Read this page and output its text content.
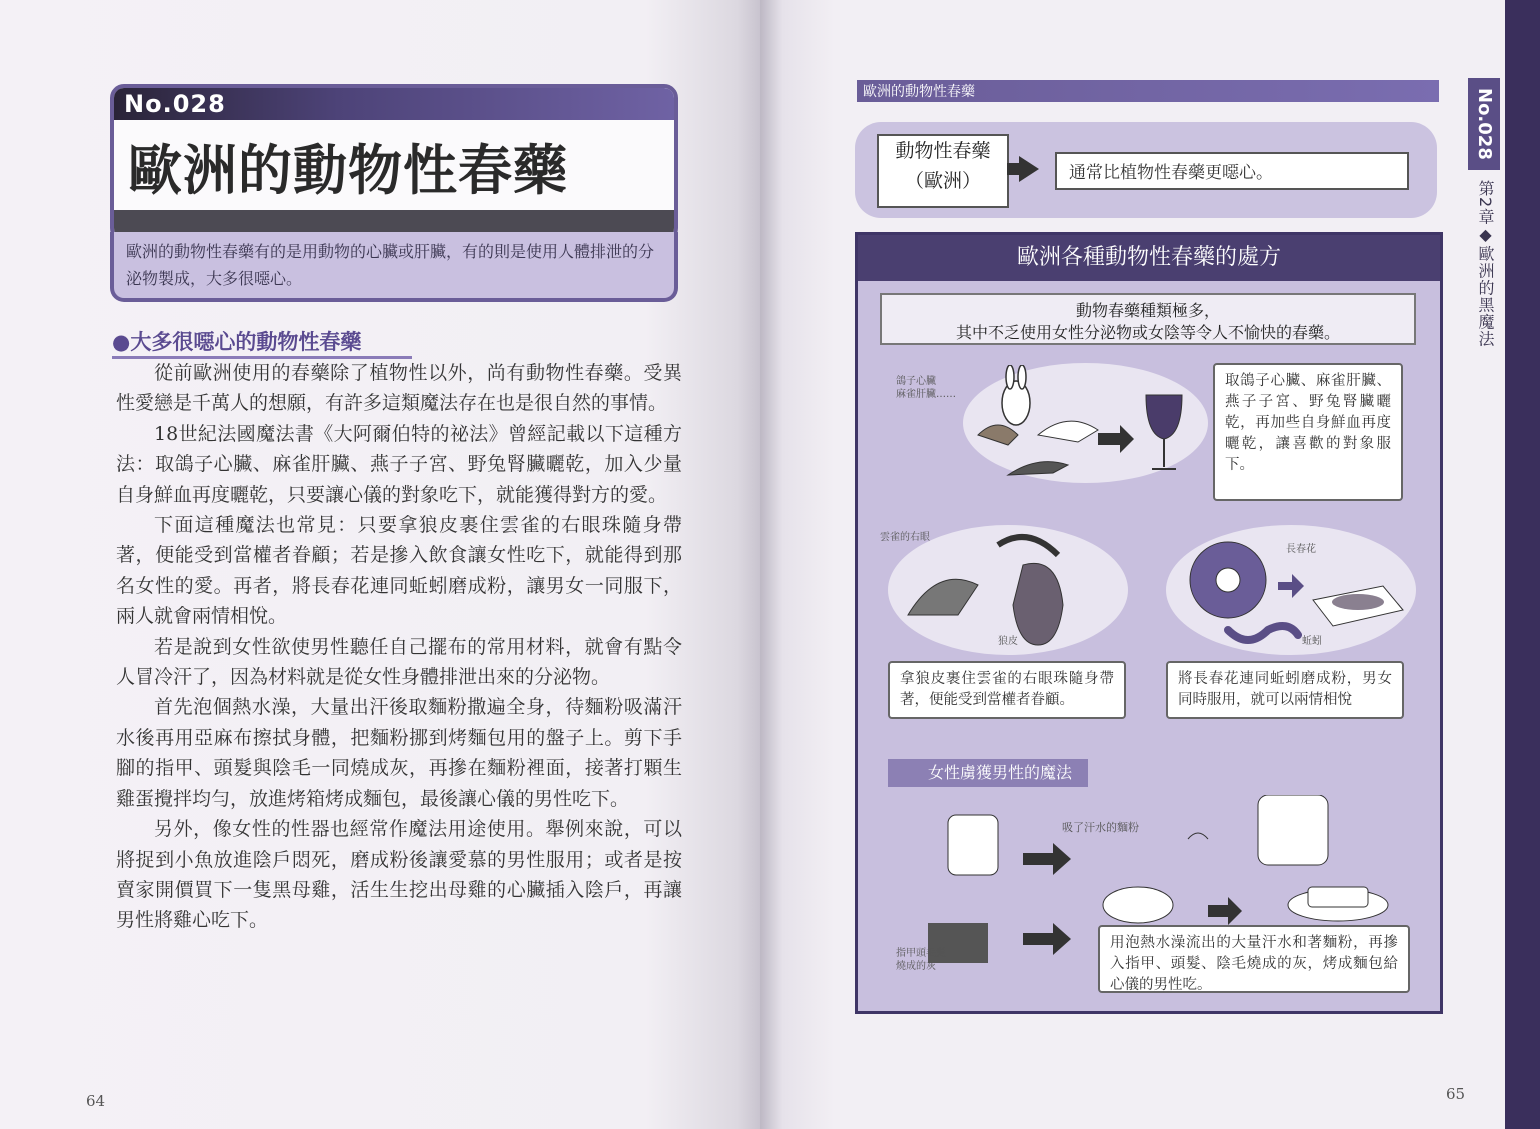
No.028
歐洲的動物性春藥
歐洲的動物性春藥有的是用動物的心臟或肝臟，有的則是使用人體排泄的分泌物製成，大多很噁心。
●大多很噁心的動物性春藥

從前歐洲使用的春藥除了植物性以外，尚有動物性春藥。受異性愛戀是千萬人的想願，有許多這類魔法存在也是很自然的事情。

18世紀法國魔法書《大阿爾伯特的祕法》曾經記載以下這種方法：取鴿子心臟、麻雀肝臟、燕子子宮、野兔腎臟曬乾，加入少量自身鮮血再度曬乾，只要讓心儀的對象吃下，就能獲得對方的愛。

下面這種魔法也常見：只要拿狼皮裹住雲雀的右眼珠隨身帶著，便能受到當權者眷顧；若是摻入飲食讓女性吃下，就能得到那名女性的愛。再者，將長春花連同蚯蚓磨成粉，讓男女一同服下，兩人就會兩情相悅。

若是說到女性欲使男性聽任自己擺布的常用材料，就會有點令人冒冷汗了，因為材料就是從女性身體排泄出來的分泌物。

首先泡個熱水澡，大量出汗後取麵粉撒遍全身，待麵粉吸滿汗水後再用亞麻布擦拭身體，把麵粉挪到烤麵包用的盤子上。剪下手腳的指甲、頭髮與陰毛一同燒成灰，再摻在麵粉裡面，接著打顆生雞蛋攪拌均勻，放進烤箱烤成麵包，最後讓心儀的男性吃下。

另外，像女性的性器也經常作魔法用途使用。舉例來說，可以將捉到小魚放進陰戶悶死，磨成粉後讓愛慕的男性服用；或者是按賣家開價買下一隻黑母雞，活生生挖出母雞的心臟插入陰戶，再讓男性將雞心吃下。

64
歐洲的動物性春藥	No.028
第2章◆歐洲的黑魔法
動物性春藥
（歐洲）	通常比植物性春藥更噁心。
歐洲各種動物性春藥的處方
動物春藥種類極多，
其中不乏使用女性分泌物或女陰等令人不愉快的春藥。
鴿子心臟
麻雀肝臟……
取鴿子心臟、麻雀肝臟、燕子子宮、野兔腎臟曬乾，再加些自身鮮血再度曬乾，讓喜歡的對象服下。
雲雀的右眼
狼皮
長春花
蚯蚓
拿狼皮裹住雲雀的右眼珠隨身帶著，便能受到當權者眷顧。
將長春花連同蚯蚓磨成粉，男女同時服用，就可以兩情相悅
女性虜獲男性的魔法
吸了汗水的麵粉
指甲頭毛髮
燒成的灰
用泡熱水澡流出的大量汗水和著麵粉，再摻入指甲、頭髮、陰毛燒成的灰，烤成麵包給心儀的男性吃。
65
